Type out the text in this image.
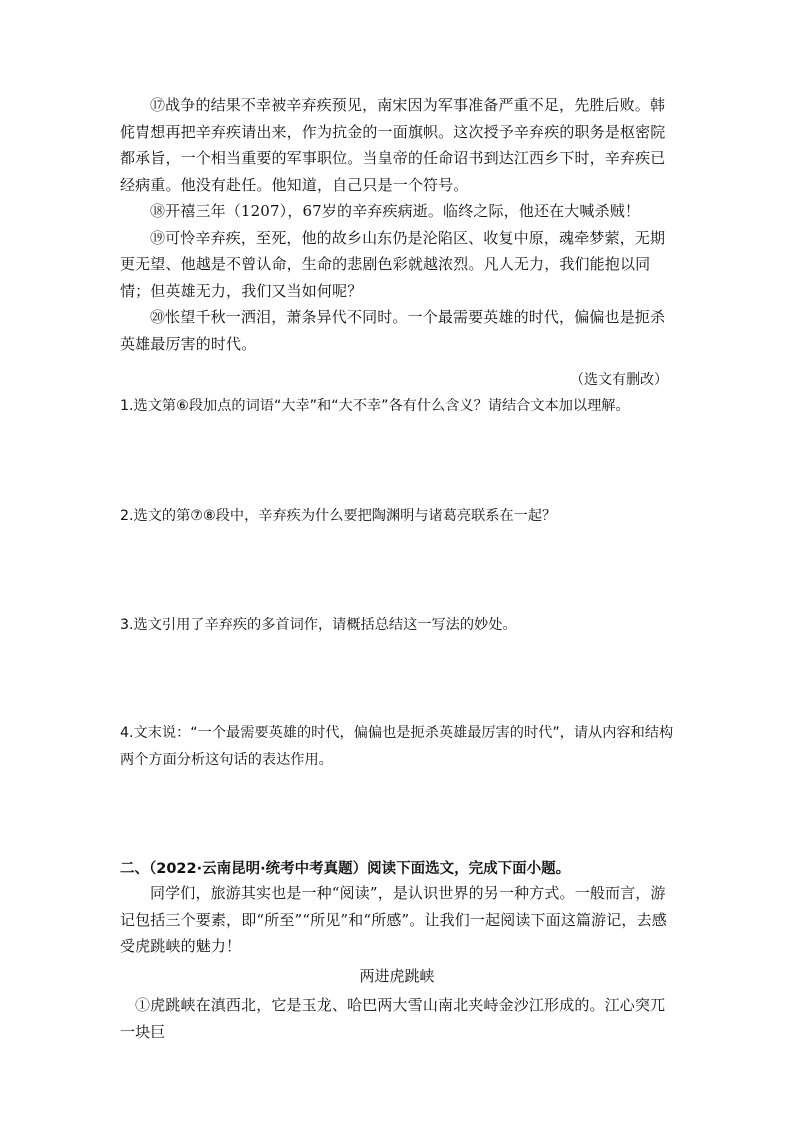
⑰战争的结果不幸被辛弃疾预见，南宋因为军事准备严重不足，先胜后败。韩侂胄想再把辛弃疾请出来，作为抗金的一面旗帜。这次授予辛弃疾的职务是枢密院都承旨，一个相当重要的军事职位。当皇帝的任命诏书到达江西乡下时，辛弃疾已经病重。他没有赴任。他知道，自己只是一个符号。

⑱开禧三年（1207），67岁的辛弃疾病逝。临终之际，他还在大喊杀贼！

⑲可怜辛弃疾，至死，他的故乡山东仍是沦陷区、收复中原，魂牵梦萦，无期更无望、他越是不曾认命，生命的悲剧色彩就越浓烈。凡人无力，我们能抱以同情；但英雄无力，我们又当如何呢？

⑳怅望千秋一洒泪，萧条异代不同时。一个最需要英雄的时代，偏偏也是扼杀英雄最厉害的时代。

（选文有删改）
1.选文第⑥段加点的词语“大幸”和“大不幸”各有什么含义？请结合文本加以理解。
2.选文的第⑦⑧段中，辛弃疾为什么要把陶渊明与诸葛亮联系在一起？
3.选文引用了辛弃疾的多首词作，请概括总结这一写法的妙处。
4.文末说：“一个最需要英雄的时代，偏偏也是扼杀英雄最厉害的时代”，请从内容和结构两个方面分析这句话的表达作用。
二、（2022·云南昆明·统考中考真题）阅读下面选文，完成下面小题。

同学们，旅游其实也是一种“阅读”，是认识世界的另一种方式。一般而言，游记包括三个要素，即“所至”“所见”和“所感”。让我们一起阅读下面这篇游记，去感受虎跳峡的魅力！

两进虎跳峡

①虎跳峡在滇西北，它是玉龙、哈巴两大雪山南北夹峙金沙江形成的。江心突兀一块巨
